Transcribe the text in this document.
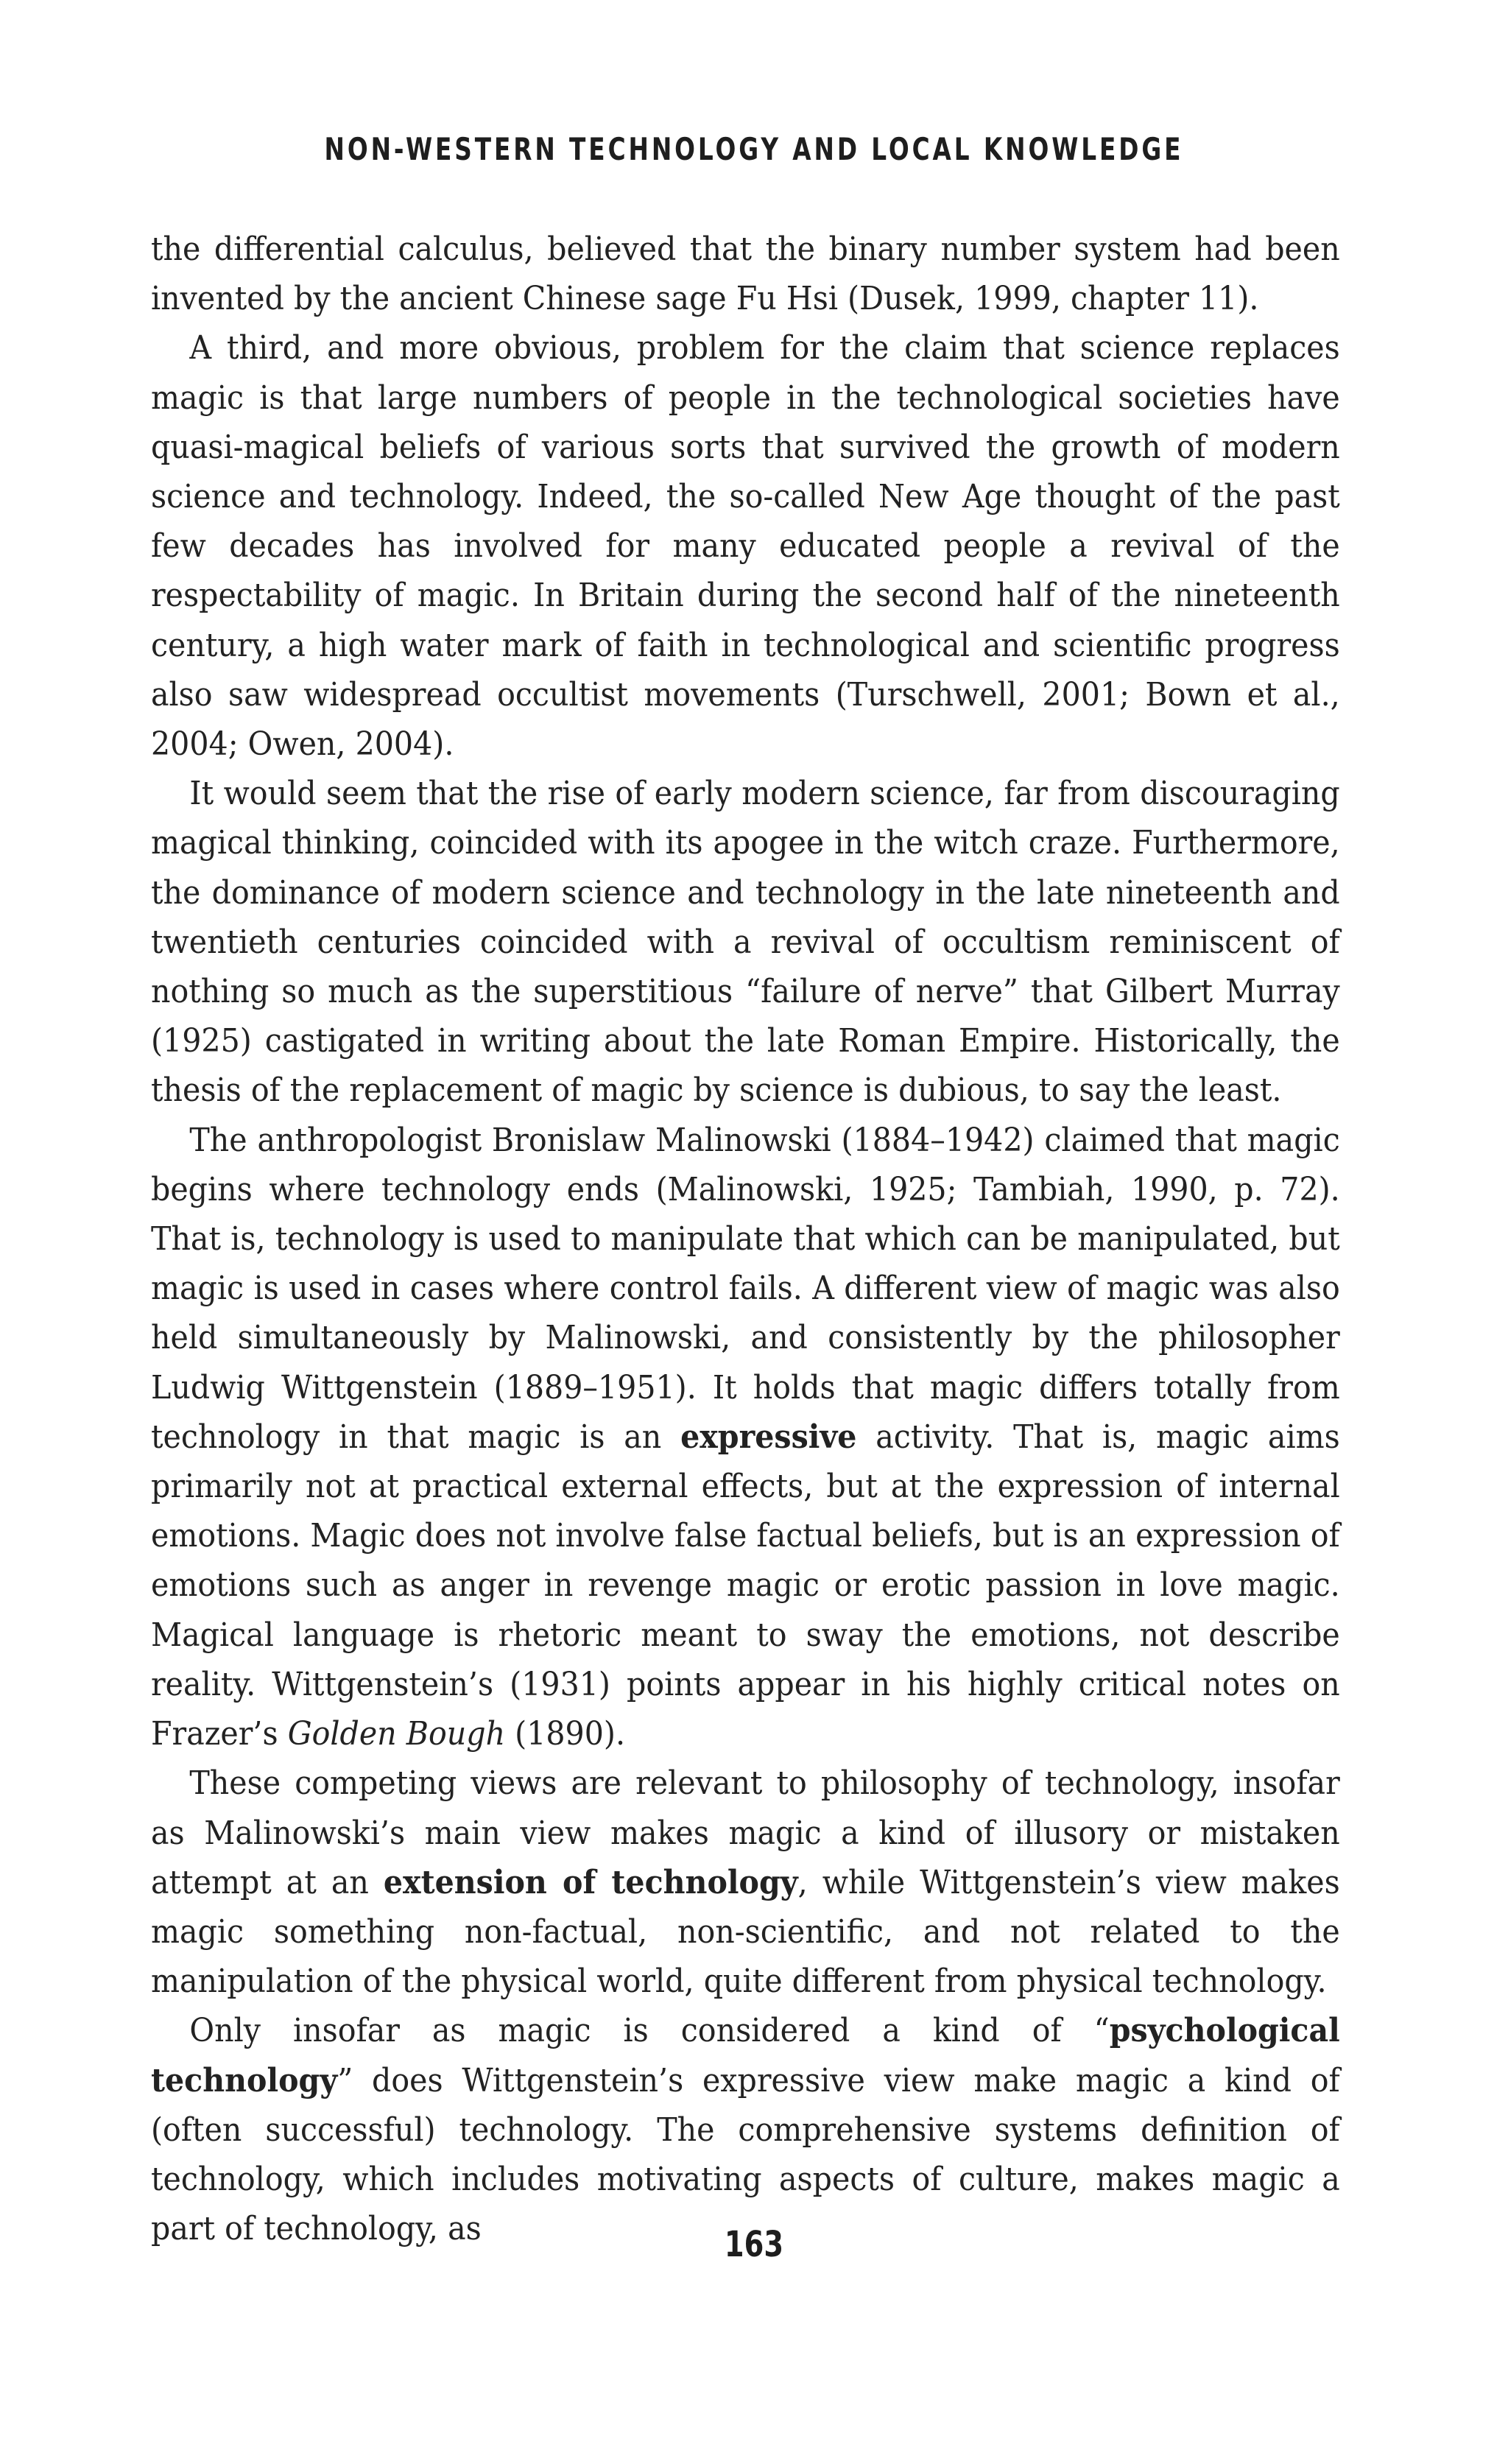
NON-WESTERN TECHNOLOGY AND LOCAL KNOWLEDGE

the differential calculus, believed that the binary number system had been invented by the ancient Chinese sage Fu Hsi (Dusek, 1999, chapter 11).

A third, and more obvious, problem for the claim that science replaces magic is that large numbers of people in the technological societies have quasi-magical beliefs of various sorts that survived the growth of modern science and technology. Indeed, the so-called New Age thought of the past few decades has involved for many educated people a revival of the respectability of magic. In Britain during the second half of the nineteenth century, a high water mark of faith in technological and scientific progress also saw widespread occultist movements (Turschwell, 2001; Bown et al., 2004; Owen, 2004).

It would seem that the rise of early modern science, far from discouraging magical thinking, coincided with its apogee in the witch craze. Furthermore, the dominance of modern science and technology in the late nineteenth and twentieth centuries coincided with a revival of occultism reminiscent of nothing so much as the superstitious “failure of nerve” that Gilbert Murray (1925) castigated in writing about the late Roman Empire. Historically, the thesis of the replacement of magic by science is dubious, to say the least.

The anthropologist Bronislaw Malinowski (1884–1942) claimed that magic begins where technology ends (Malinowski, 1925; Tambiah, 1990, p. 72). That is, technology is used to manipulate that which can be manipulated, but magic is used in cases where control fails. A different view of magic was also held simultaneously by Malinowski, and consistently by the philosopher Ludwig Wittgenstein (1889–1951). It holds that magic differs totally from technology in that magic is an expressive activity. That is, magic aims primarily not at practical external effects, but at the expression of internal emotions. Magic does not involve false factual beliefs, but is an expression of emotions such as anger in revenge magic or erotic passion in love magic. Magical language is rhetoric meant to sway the emotions, not describe reality. Wittgenstein’s (1931) points appear in his highly critical notes on Frazer’s Golden Bough (1890).

These competing views are relevant to philosophy of technology, insofar as Malinowski’s main view makes magic a kind of illusory or mistaken attempt at an extension of technology, while Wittgenstein’s view makes magic something non-factual, non-scientific, and not related to the manipulation of the physical world, quite different from physical technology.

Only insofar as magic is considered a kind of “psychological technology” does Wittgenstein’s expressive view make magic a kind of (often successful) technology. The comprehensive systems definition of technology, which includes motivating aspects of culture, makes magic a part of technology, as	163
